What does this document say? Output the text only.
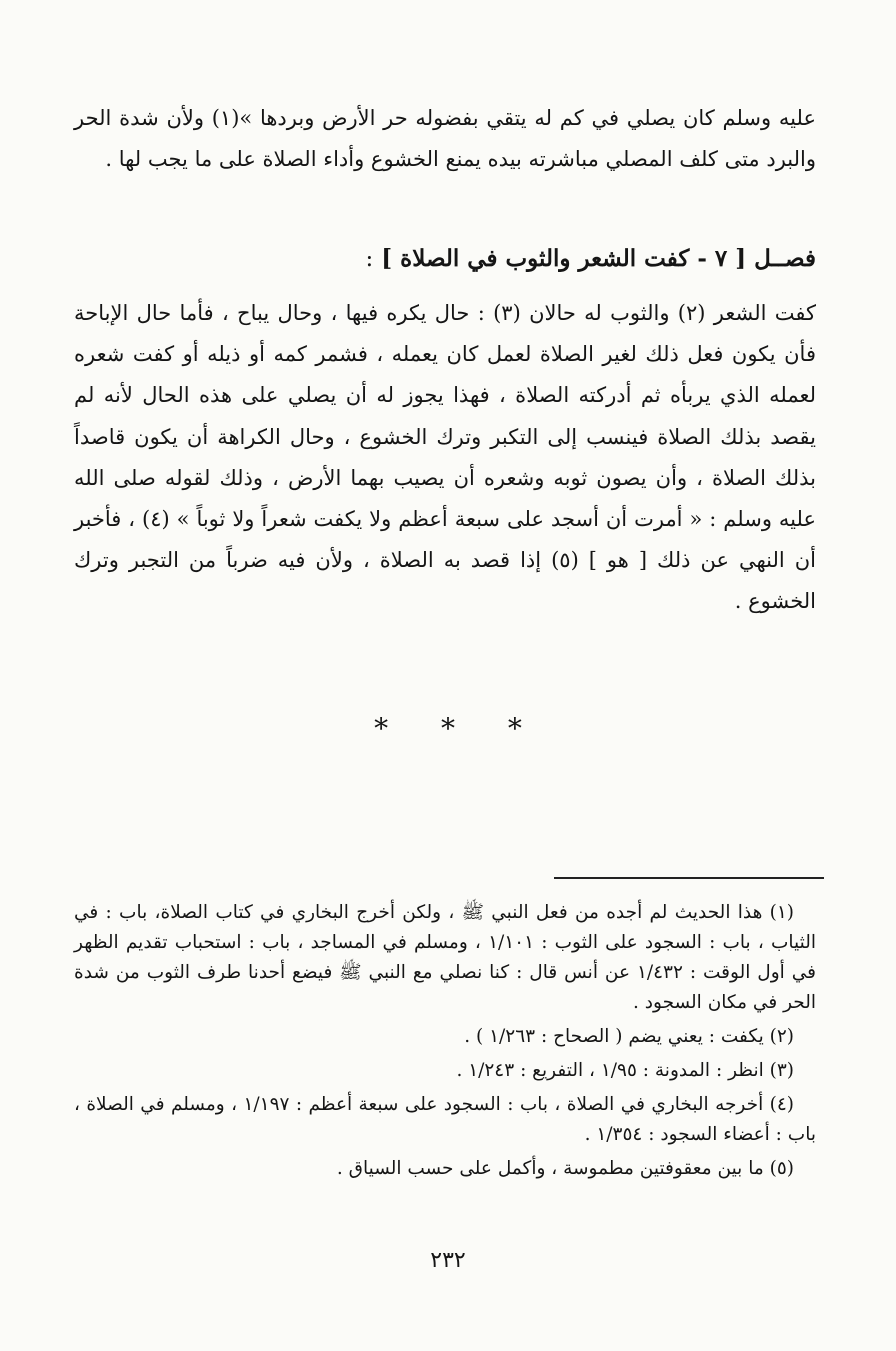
عليه وسلم كان يصلي في كم له يتقي بفضوله حر الأرض وبردها »(١) ولأن شدة الحر والبرد متى كلف المصلي مباشرته بيده يمنع الخشوع وأداء الصلاة على ما يجب لها .

فصــل [ ٧ - كفت الشعر والثوب في الصلاة ] :

كفت الشعر (٢) والثوب له حالان (٣) : حال يكره فيها ، وحال يباح ، فأما حال الإباحة فأن يكون فعل ذلك لغير الصلاة لعمل كان يعمله ، فشمر كمه أو ذيله أو كفت شعره لعمله الذي يربأه ثم أدركته الصلاة ، فهذا يجوز له أن يصلي على هذه الحال لأنه لم يقصد بذلك الصلاة فينسب إلى التكبر وترك الخشوع ، وحال الكراهة أن يكون قاصداً بذلك الصلاة ، وأن يصون ثوبه وشعره أن يصيب بهما الأرض ، وذلك لقوله صلى الله عليه وسلم : « أمرت أن أسجد على سبعة أعظم ولا يكفت شعراً ولا ثوباً » (٤) ، فأخبر أن النهي عن ذلك [ هو ] (٥) إذا قصد به الصلاة ، ولأن فيه ضرباً من التجبر وترك الخشوع .

* * *

(١) هذا الحديث لم أجده من فعل النبي ﷺ ، ولكن أخرج البخاري في كتاب الصلاة، باب : في الثياب ، باب : السجود على الثوب : ١/١٠١ ، ومسلم في المساجد ، باب : استحباب تقديم الظهر في أول الوقت : ١/٤٣٢ عن أنس قال : كنا نصلي مع النبي ﷺ فيضع أحدنا طرف الثوب من شدة الحر في مكان السجود .

(٢) يكفت : يعني يضم ( الصحاح : ١/٢٦٣ ) .

(٣) انظر : المدونة : ١/٩٥ ، التفريع : ١/٢٤٣ .

(٤) أخرجه البخاري في الصلاة ، باب : السجود على سبعة أعظم : ١/١٩٧ ، ومسلم في الصلاة ، باب : أعضاء السجود : ١/٣٥٤ .

(٥) ما بين معقوفتين مطموسة ، وأكمل على حسب السياق .

٢٣٢
